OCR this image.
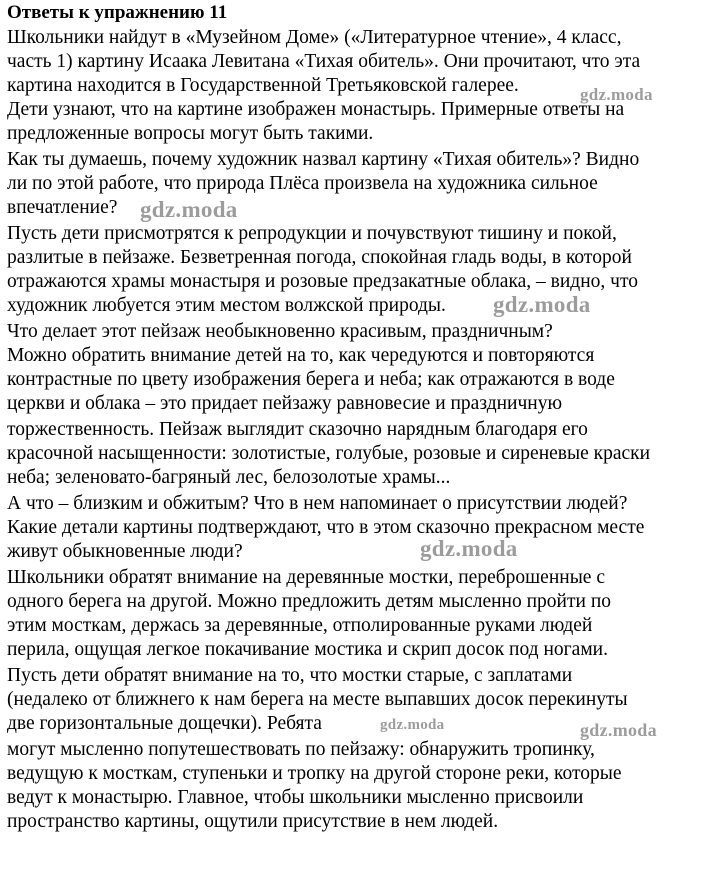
Ответы к упражнению 11
Школьники найдут в «Музейном Доме» («Литературное чтение», 4 класс,
часть 1) картину Исаака Левитана «Тихая обитель». Они прочитают, что эта
картина находится в Государственной Третьяковской галерее.
Дети узнают, что на картине изображен монастырь. Примерные ответы на
предложенные вопросы могут быть такими.
Как ты думаешь, почему художник назвал картину «Тихая обитель»? Видно
ли по этой работе, что природа Плёса произвела на художника сильное
впечатление?
Пусть дети присмотрятся к репродукции и почувствуют тишину и покой,
разлитые в пейзаже. Безветренная погода, спокойная гладь воды, в которой
отражаются храмы монастыря и розовые предзакатные облака, – видно, что
художник любуется этим местом волжской природы.
Что делает этот пейзаж необыкновенно красивым, праздничным?
Можно обратить внимание детей на то, как чередуются и повторяются
контрастные по цвету изображения берега и неба; как отражаются в воде
церкви и облака – это придает пейзажу равновесие и праздничную
торжественность. Пейзаж выглядит сказочно нарядным благодаря его
красочной насыщенности: золотистые, голубые, розовые и сиреневые краски
неба; зеленовато-багряный лес, белозолотые храмы...
А что – близким и обжитым? Что в нем напоминает о присутствии людей?
Какие детали картины подтверждают, что в этом сказочно прекрасном месте
живут обыкновенные люди?
Школьники обратят внимание на деревянные мостки, переброшенные с
одного берега на другой. Можно предложить детям мысленно пройти по
этим мосткам, держась за деревянные, отполированные руками людей
перила, ощущая легкое покачивание мостика и скрип досок под ногами.
Пусть дети обратят внимание на то, что мостки старые, с заплатами
(недалеко от ближнего к нам берега на месте выпавших досок перекинуты
две горизонтальные дощечки). Ребята
могут мысленно попутешествовать по пейзажу: обнаружить тропинку,
ведущую к мосткам, ступеньки и тропку на другой стороне реки, которые
ведут к монастырю. Главное, чтобы школьники мысленно присвоили
пространство картины, ощутили присутствие в нем людей.
gdz.moda
gdz.moda
gdz.moda
gdz.moda
gdz.moda	gdz.moda
